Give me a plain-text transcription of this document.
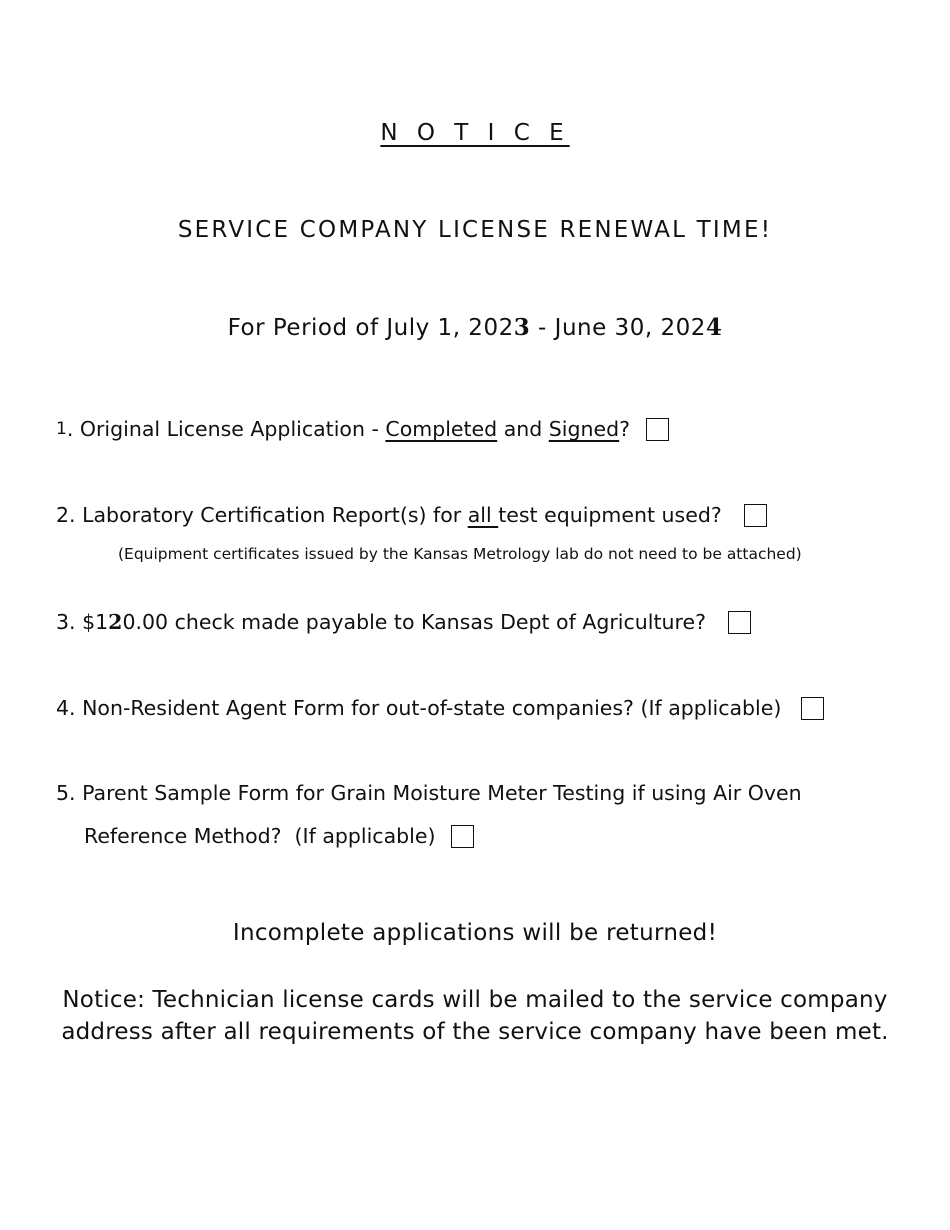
N O T I C E
SERVICE COMPANY LICENSE RENEWAL TIME!
For Period of July 1, 2023 - June 30, 2024
1 . Original License Application - Completed and Signed ?
2. Laboratory Certification Report(s) for all test equipment used?
(Equipment certificates issued by the Kansas Metrology lab do not need to be attached)
3. $1 2 0.00 check made payable to Kansas Dept of Agriculture?
4. Non-Resident Agent Form for out-of-state companies? (If applicable)
5. Parent Sample Form for Grain Moisture Meter Testing if using Air Oven
Reference Method?  (If applicable)
Incomplete applications will be returned!
Notice: Technician license cards will be mailed to the service company
address after all requirements of the service company have been met.
